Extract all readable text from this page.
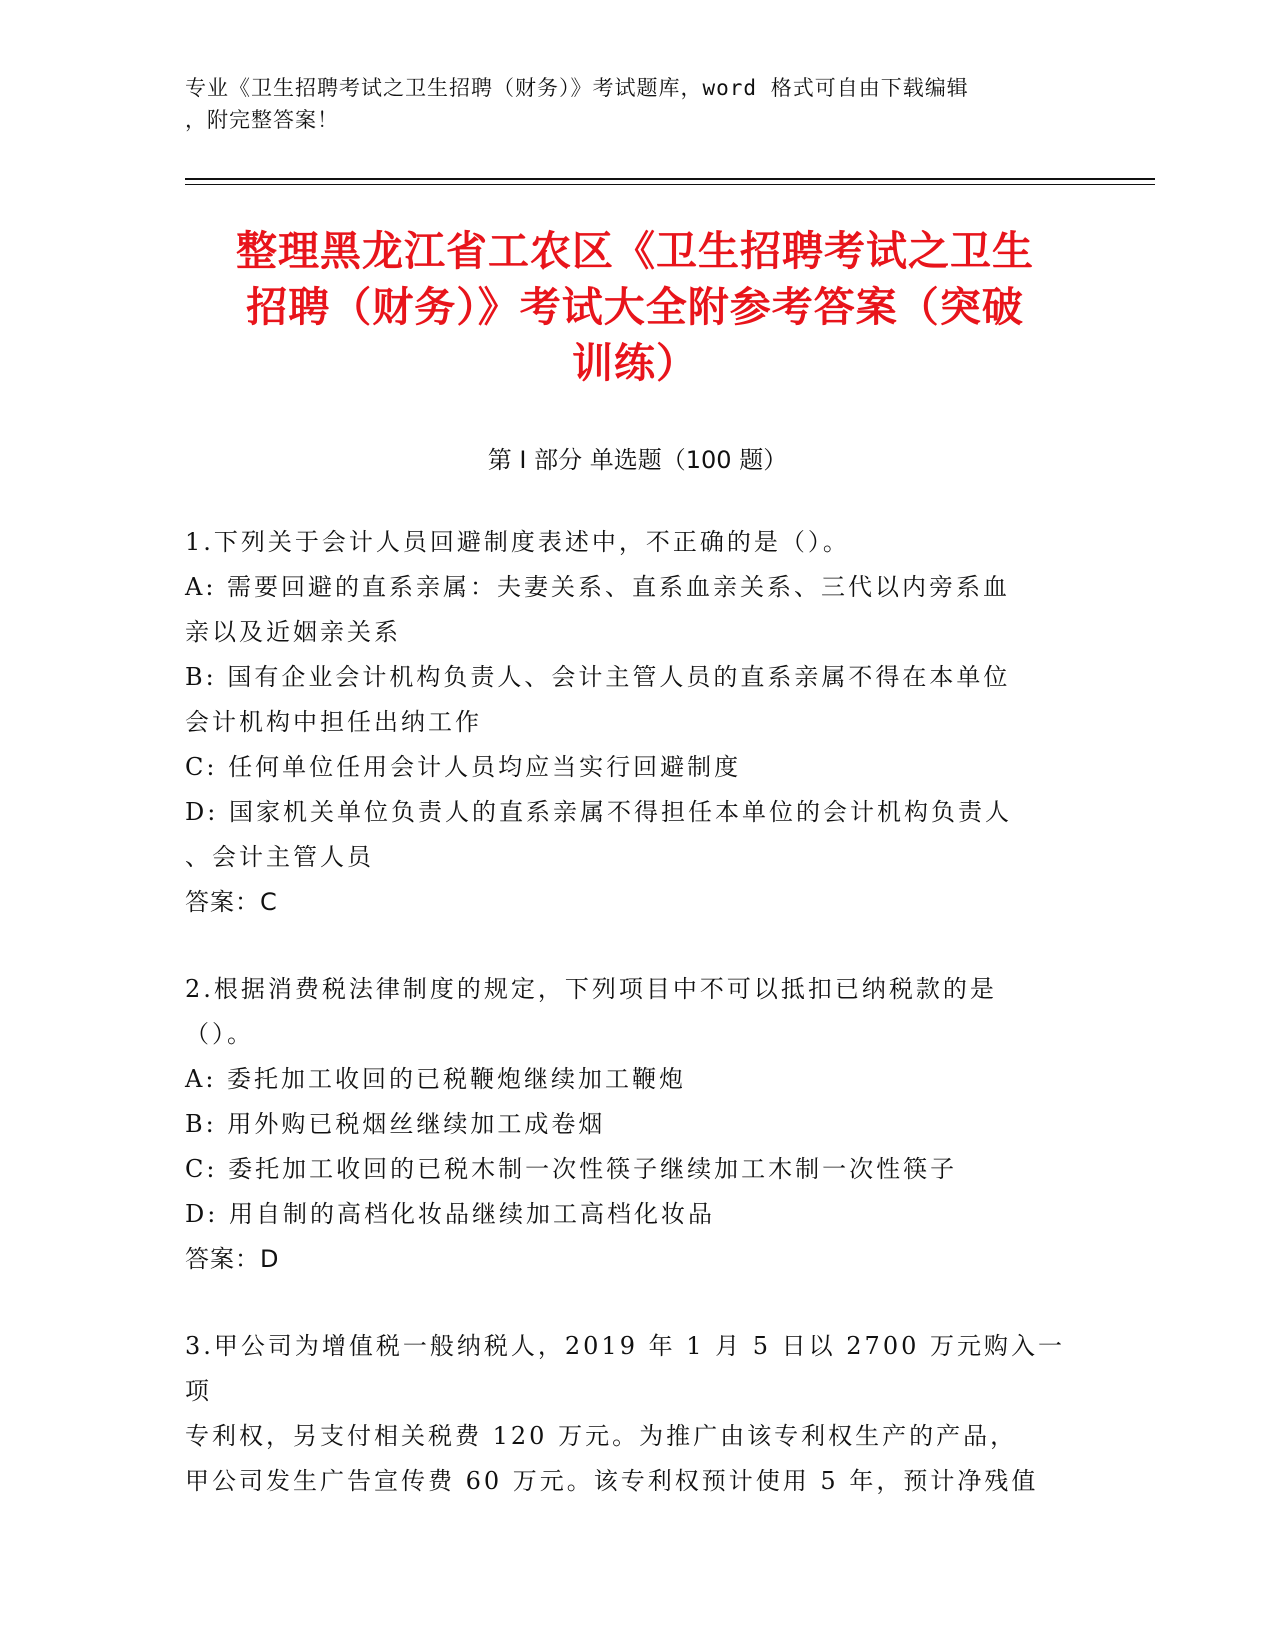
专业《卫生招聘考试之卫生招聘（财务）》考试题库，word 格式可自由下载编辑
，附完整答案！
整理黑龙江省工农区《卫生招聘考试之卫生
招聘（财务）》考试大全附参考答案（突破
训练）
第 I 部分 单选题（100 题）
1.下列关于会计人员回避制度表述中，不正确的是（）。
A: 需要回避的直系亲属：夫妻关系、直系血亲关系、三代以内旁系血
亲以及近姻亲关系
B: 国有企业会计机构负责人、会计主管人员的直系亲属不得在本单位
会计机构中担任出纳工作
C: 任何单位任用会计人员均应当实行回避制度
D: 国家机关单位负责人的直系亲属不得担任本单位的会计机构负责人
、会计主管人员
答案：C
2.根据消费税法律制度的规定，下列项目中不可以抵扣已纳税款的是
（）。
A: 委托加工收回的已税鞭炮继续加工鞭炮
B: 用外购已税烟丝继续加工成卷烟
C: 委托加工收回的已税木制一次性筷子继续加工木制一次性筷子
D: 用自制的高档化妆品继续加工高档化妆品
答案：D
3.甲公司为增值税一般纳税人，2019 年 1 月 5 日以 2700 万元购入一项
专利权，另支付相关税费 120 万元。为推广由该专利权生产的产品，
甲公司发生广告宣传费 60 万元。该专利权预计使用 5 年，预计净残值
